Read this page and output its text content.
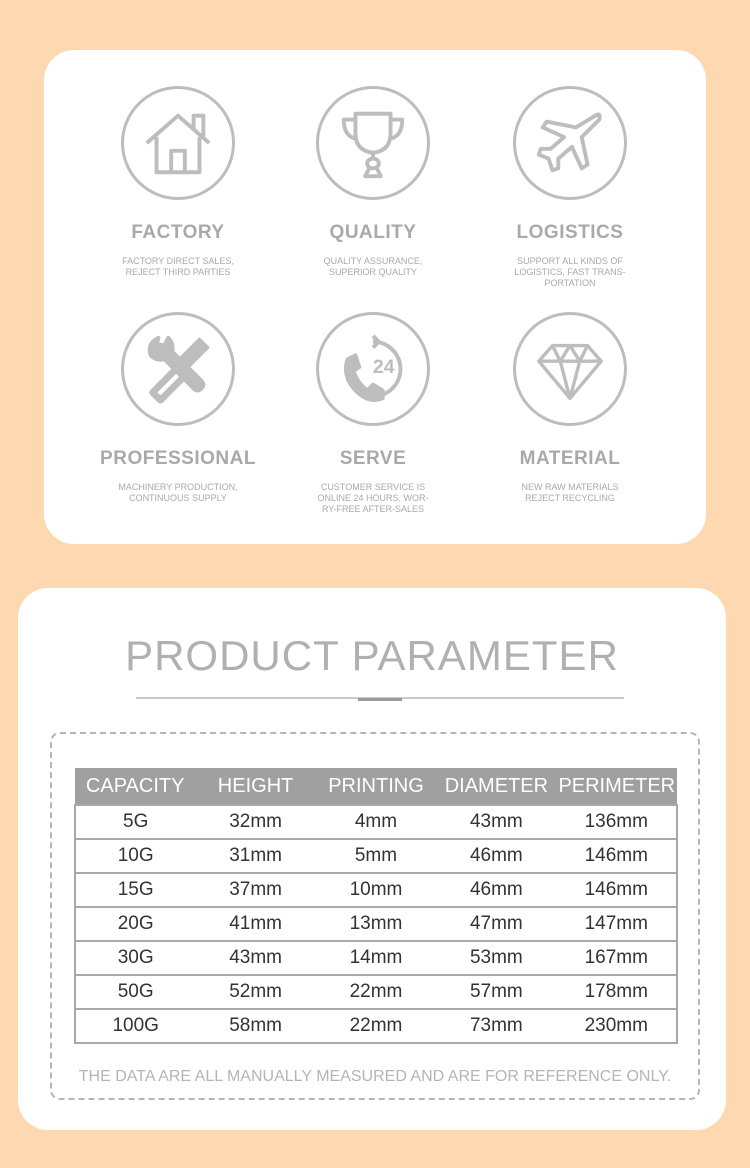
FACTORY
FACTORY DIRECT SALES,
REJECT THIRD PARTIES
QUALITY
QUALITY ASSURANCE,
SUPERIOR QUALITY
LOGISTICS
SUPPORT ALL KINDS OF
LOGISTICS, FAST TRANS-
PORTATION
PROFESSIONAL
MACHINERY PRODUCTION,
CONTINUOUS SUPPLY
24
SERVE
CUSTOMER SERVICE IS
ONLINE 24 HOURS, WOR-
RY-FREE AFTER-SALES
MATERIAL
NEW RAW MATERIALS
REJECT RECYCLING
PRODUCT PARAMETER
CAPACITY	HEIGHT	PRINTING	DIAMETER	PERIMETER
5G	32mm	4mm	43mm	136mm
10G	31mm	5mm	46mm	146mm
15G	37mm	10mm	46mm	146mm
20G	41mm	13mm	47mm	147mm
30G	43mm	14mm	53mm	167mm
50G	52mm	22mm	57mm	178mm
100G	58mm	22mm	73mm	230mm
THE DATA ARE ALL MANUALLY MEASURED AND ARE FOR REFERENCE ONLY.
